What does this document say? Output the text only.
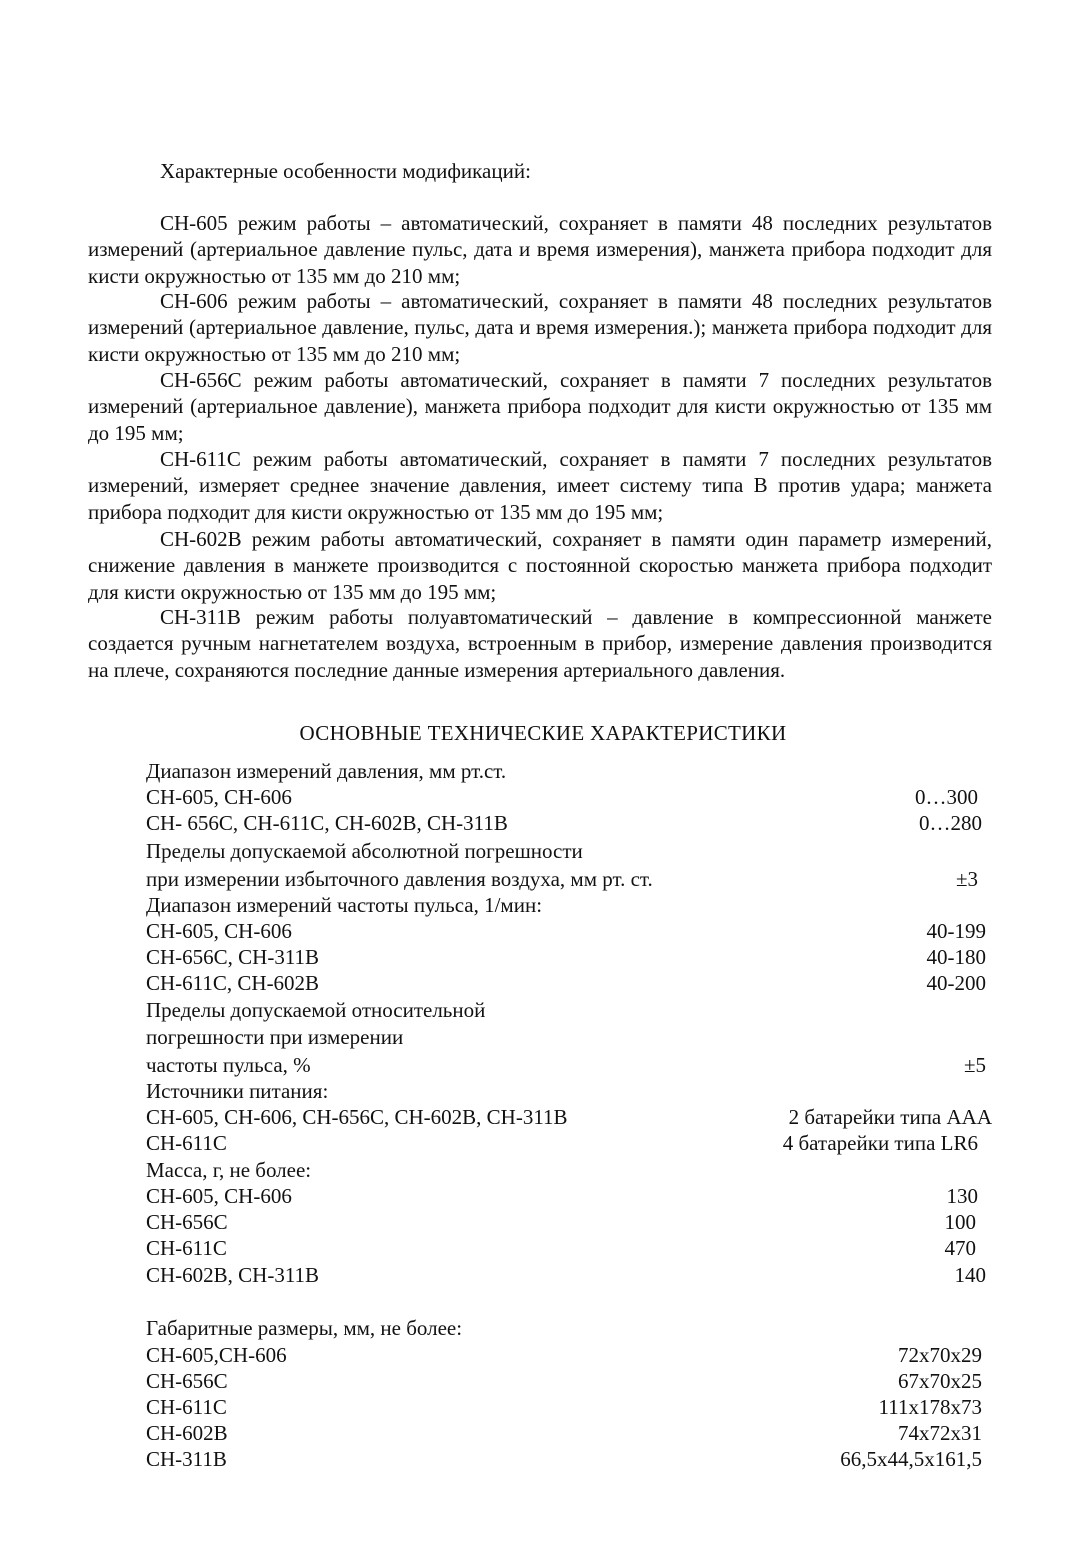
Характерные особенности модификаций:

СН-605 режим работы – автоматический, сохраняет в памяти 48 последних результатов измерений (артериальное давление пульс, дата и время измерения), манжета прибора подходит для кисти окружностью от 135 мм до 210 мм;

СН-606 режим работы – автоматический, сохраняет в памяти 48 последних результатов измерений (артериальное давление, пульс, дата и время измерения.); манжета прибора подходит для кисти окружностью от 135 мм до 210 мм;

СН-656С режим работы автоматический, сохраняет в памяти 7 последних результатов измерений (артериальное давление), манжета прибора подходит для кисти окружностью от 135 мм до 195 мм;

СН-611С режим работы автоматический, сохраняет в памяти 7 последних результатов измерений, измеряет среднее значение давления, имеет систему типа В против удара; манжета прибора подходит для кисти окружностью от 135 мм до 195 мм;

СН-602В режим работы автоматический, сохраняет в памяти один параметр измерений, снижение давления в манжете производится с постоянной скоростью манжета прибора подходит для кисти окружностью от 135 мм до 195 мм;

СН-311В режим работы полуавтоматический – давление в компрессионной манжете создается ручным нагнетателем воздуха, встроенным в прибор, измерение давления производится на плече, сохраняются последние данные измерения артериального давления.

ОСНОВНЫЕ ТЕХНИЧЕСКИЕ ХАРАКТЕРИСТИКИ
Диапазон измерений давления, мм рт.ст.
СН-605, СН-606	0…300
СН- 656С, СН-611С, СН-602В, СН-311В	0…280
Пределы допускаемой абсолютной погрешности
при измерении избыточного давления воздуха, мм рт. ст.	±3
Диапазон измерений частоты пульса, 1/мин:
СН-605, СН-606	40-199
СН-656С, СН-311В	40-180
СН-611С, СН-602В	40-200
Пределы допускаемой относительной
погрешности при измерении
частоты пульса, %	±5
Источники питания:
СН-605, СН-606, СН-656С, СН-602В, СН-311В	2 батарейки типа ААА
СН-611С	4 батарейки типа LR6
Масса, г, не более:
СН-605, СН-606	130
СН-656С	100
СН-611С	470
СН-602В, СН-311В	140
Габаритные размеры, мм, не более:
СН-605,СН-606	72х70х29
СН-656С	67х70х25
СН-611С	111х178х73
СН-602В	74х72х31
СН-311В	66,5х44,5х161,5
